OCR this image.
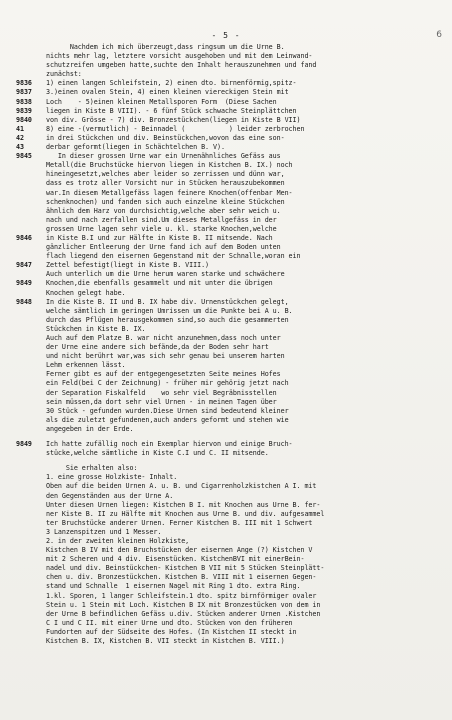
6
- 5 -
Nachdem ich mich überzeugt,dass ringsum um die Urne B.
nichts mehr lag, letztere vorsicht ausgehoben und mit dem Leinwand-
schutzreifen umgeben hatte,suchte den Inhalt herauszunehmen und fand
zunächst:
9836	1) einen langen Schleifstein, 2) einen dto. birnenförmig,spitz-
9837	3.)einen ovalen Stein, 4) einen kleinen viereckigen Stein mit
9838	Loch    - 5)einen kleinen Metallsporen Form  (Diese Sachen
9839	liegen in Kiste B VIII). - 6 fünf Stück schwache Steinplättchen
9840	von div. Grösse - 7) div. Bronzestückchen(liegen in Kiste B VII)
41	8) eine -(vermutlich) - Beinnadel (           ) leider zerbrochen
42	in drei Stückchen und div. Beinstückchen,wovon das eine son-
43	derbar geformt(liegen in Schächtelchen B. V).
9845	In dieser grossen Urne war ein Urnenähnliches Gefäss aus
Metall(die Bruchstücke hiervon liegen in Kistchen B. IX.) noch
hineingesetzt,welches aber leider so zerrissen und dünn war,
dass es trotz aller Vorsicht nur in Stücken herauszubekommen
war.In diesem Metallgefäss lagen feinere Knochen(offenbar Men-
schenknochen) und fanden sich auch einzelne kleine Stückchen
ähnlich dem Harz von durchsichtig,welche aber sehr weich u.
nach und nach zerfallen sind.Um dieses Metallgefäss in der
grossen Urne lagen sehr viele u. kl. starke Knochen,welche
9846	in Kiste B.I und zur Hälfte in Kiste B. II mitsende. Nach
gänzlicher Entleerung der Urne fand ich auf dem Boden unten
flach liegend den eisernen Gegenstand mit der Schnalle,woran ein
9847	Zettel befestigt(liegt in Kiste B. VIII.)
Auch unterlich um die Urne herum waren starke und schwächere
9849	Knochen,die ebenfalls gesammelt und mit unter die übrigen
Knochen gelegt habe.
9848	In die Kiste B. II und B. IX habe div. Urnenstückchen gelegt,
welche sämtlich im geringen Umrissen um die Punkte bei A u. B.
durch das Pflügen herausgekommen sind,so auch die gesammerten
Stückchen in Kiste B. IX.
Auch auf dem Platze B. war nicht anzunehmen,dass noch unter
der Urne eine andere sich befände,da der Boden sehr hart
und nicht berührt war,was sich sehr genau bei unserem harten
Lehm erkennen lässt.
Ferner gibt es auf der entgegengesetzten Seite meines Hofes
ein Feld(bei C der Zeichnung) - früher mir gehörig jetzt nach
der Separation Fiskalfeld    wo sehr viel Begräbnisstellen
sein müssen,da dort sehr viel Urnen - in meinen Tagen über
30 Stück - gefunden wurden.Diese Urnen sind bedeutend kleiner
als die zuletzt gefundenen,auch anders geformt und stehen wie
angegeben in der Erde.
9849	Ich hatte zufällig noch ein Exemplar hiervon und einige Bruch-
stücke,welche sämtliche in Kiste C.I und C. II mitsende.
Sie erhalten also:
1. eine grosse Holzkiste- Inhalt.
Oben auf die beiden Urnen A. u. B. und Cigarrenholzkistchen A I. mit
den Gegenständen aus der Urne A.
Unter diesen Urnen liegen: Kistchen B I. mit Knochen aus Urne B. fer-
ner Kiste B. II zu Hälfte mit Knochen aus Urne B. und div. aufgesammel
ter Bruchstücke anderer Urnen. Ferner Kistchen B. III mit 1 Schwert
3 Lanzenspitzen und 1 Messer.
2. in der zweiten kleinen Holzkiste,
Kistchen B IV mit den Bruchstücken der eisernen Ange (?) Kistchen V
mit 2 Scheren und 4 div. Eisenstücken. KistchenBVI mit einerBein-
nadel und div. Beinstückchen- Kistchen B VII mit 5 Stücken Steinplätt-
chen u. div. Bronzestückchen. Kistchen B. VIII mit 1 eisernen Gegen-
stand und Schnalle  1 eisernen Nagel mit Ring 1 dto. extra Ring.
1.kl. Sporen, 1 langer Schleifstein.1 dto. spitz birnförmiger ovaler
Stein u. 1 Stein mit Loch. Kistchen B IX mit Bronzestücken von dem in
der Urne B befindlichen Gefäss u.div. Stücken anderer Urnen .Kistchen
C I und C II. mit einer Urne und dto. Stücken von den früheren
Fundorten auf der Südseite des Hofes. (In Kistchen II steckt in
Kistchen B. IX, Kistchen B. VII steckt in Kistchen B. VIII.)
